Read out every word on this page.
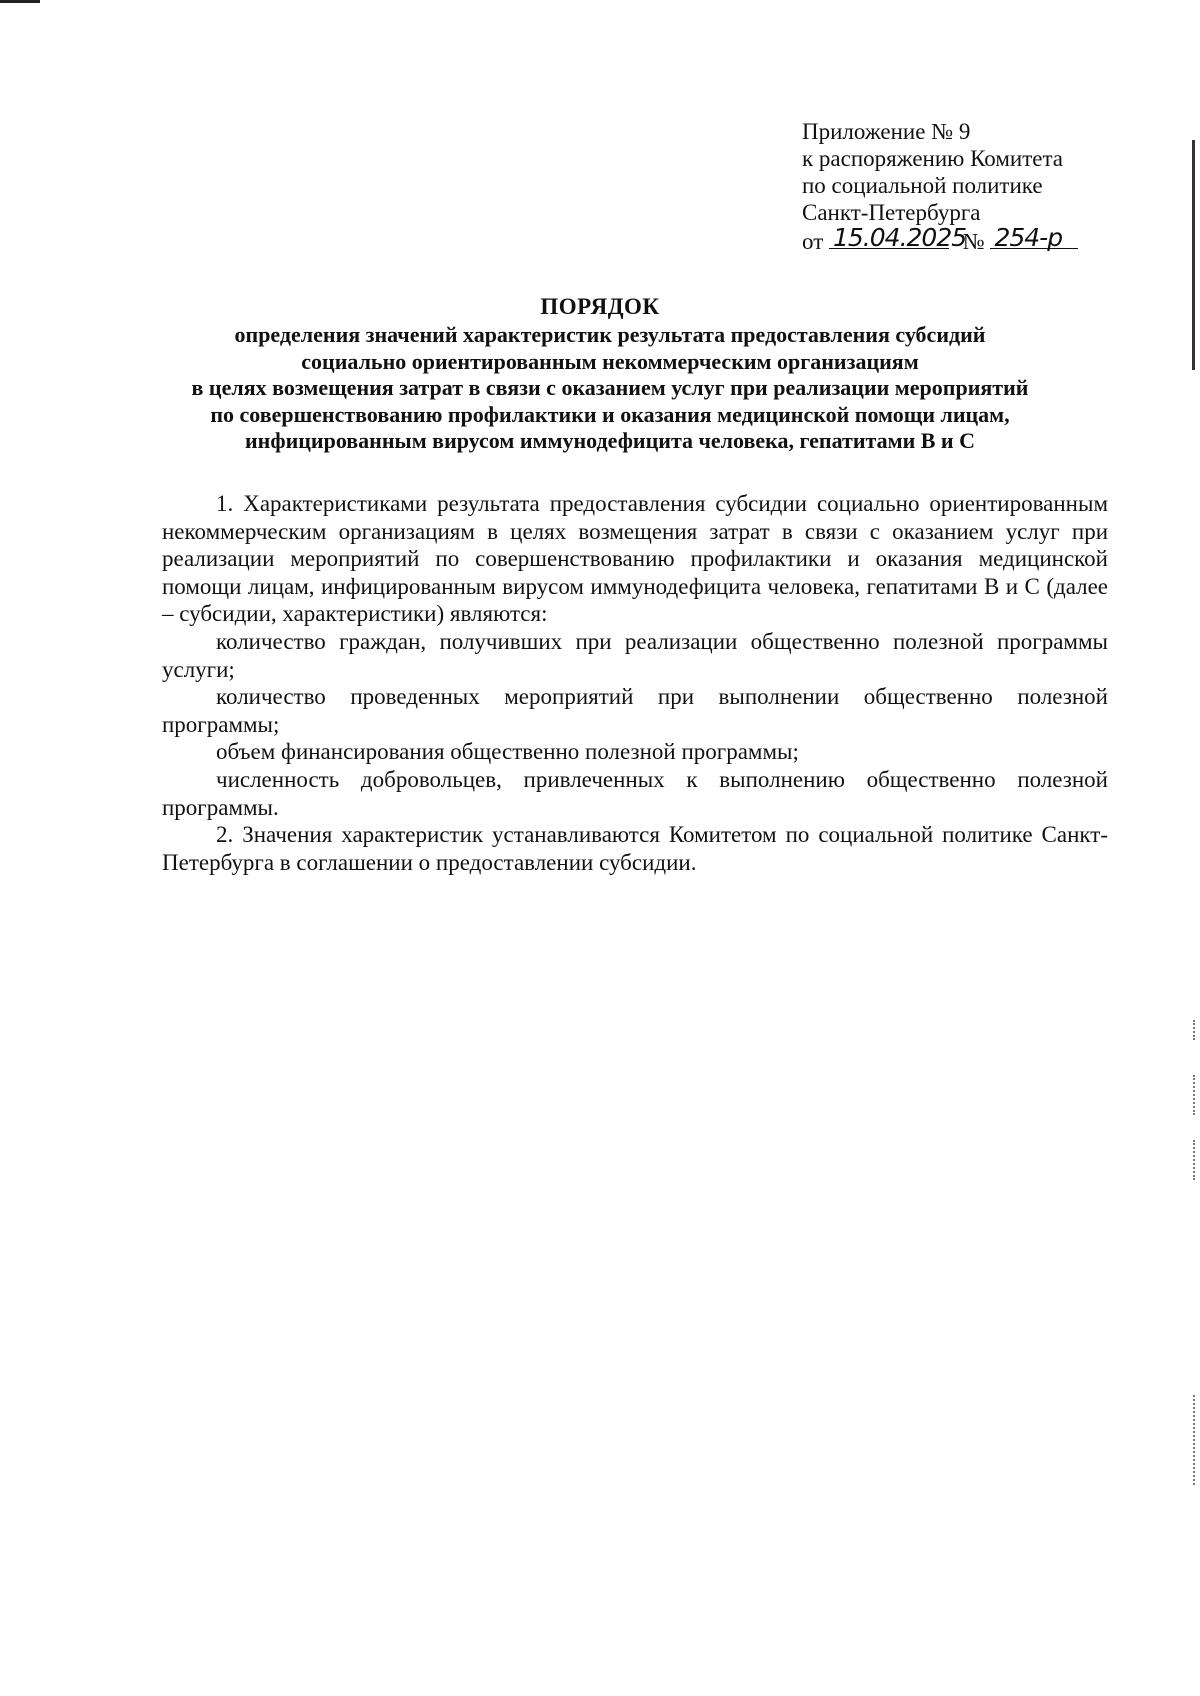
Приложение № 9
к распоряжению Комитета
по социальной политике
Санкт-Петербурга
от 15.04.2025
№ 254-р
ПОРЯДОК
определения значений характеристик результата предоставления субсидий
социально ориентированным некоммерческим организациям
в целях возмещения затрат в связи с оказанием услуг при реализации мероприятий
по совершенствованию профилактики и оказания медицинской помощи лицам,
инфицированным вирусом иммунодефицита человека, гепатитами В и С

1. Характеристиками результата предоставления субсидии социально ориентированным некоммерческим организациям в целях возмещения затрат в связи с оказанием услуг при реализации мероприятий по совершенствованию профилактики и оказания медицинской помощи лицам, инфицированным вирусом иммунодефицита человека, гепатитами В и С (далее – субсидии, характеристики) являются:

количество граждан, получивших при реализации общественно полезной программы услуги;

количество проведенных мероприятий при выполнении общественно полезной программы;

объем финансирования общественно полезной программы;

численность добровольцев, привлеченных к выполнению общественно полезной программы.

2. Значения характеристик устанавливаются Комитетом по социальной политике Санкт-Петербурга в соглашении о предоставлении субсидии.
